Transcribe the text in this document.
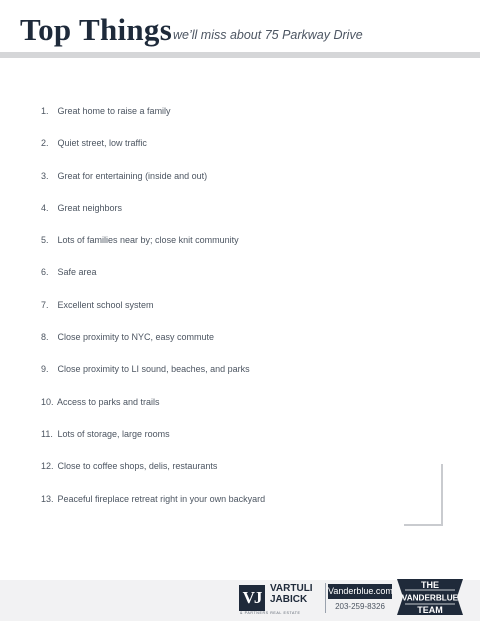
Top Things we’ll miss about 75 Parkway Drive
1. Great home to raise a family
2. Quiet street, low traffic
3. Great for entertaining (inside and out)
4. Great neighbors
5. Lots of families near by; close knit community
6. Safe area
7. Excellent school system
8. Close proximity to NYC, easy commute
9. Close proximity to LI sound, beaches, and parks
10. Access to parks and trails
11. Lots of storage, large rooms
12. Close to coffee shops, delis, restaurants
13. Peaceful fireplace retreat right in your own backyard
VJ VARTULI
JABICK
& PARTNERS REAL ESTATE
Vanderblue.com
203-259-8326
THE
VANDERBLUE
TEAM
